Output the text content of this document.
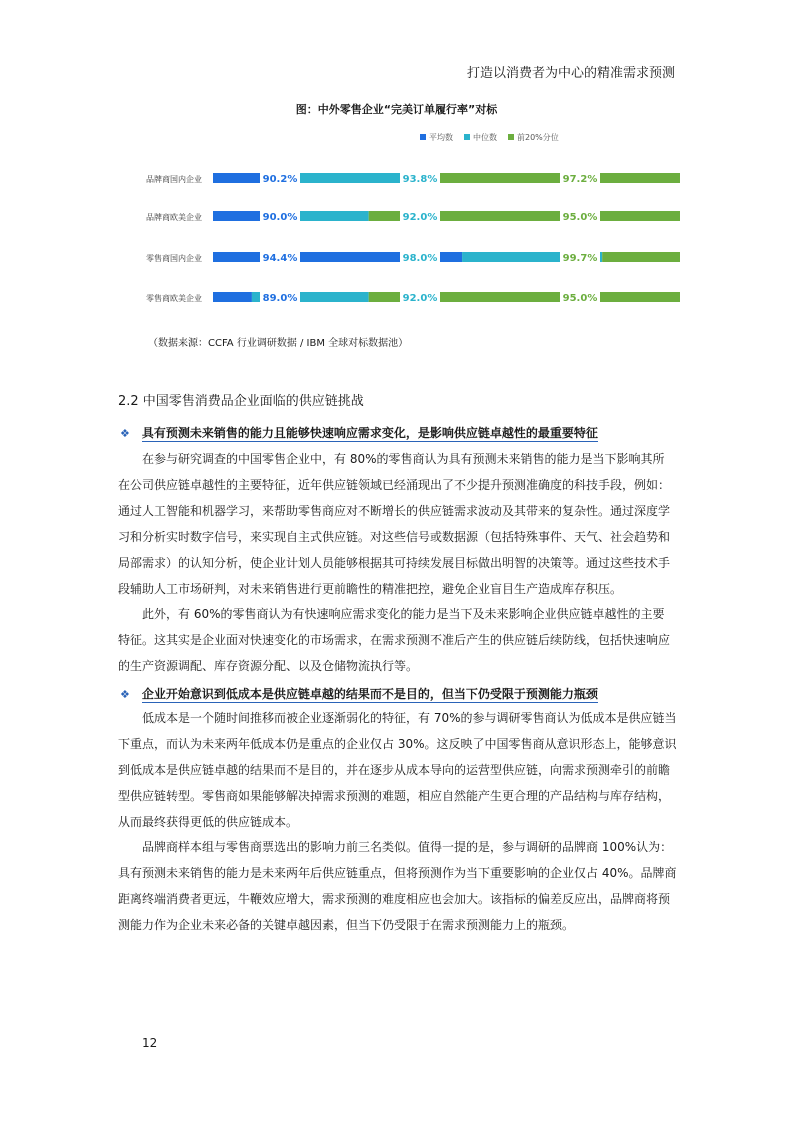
打造以消费者为中心的精准需求预测
图：中外零售企业“完美订单履行率”对标
平均数	中位数	前20%分位
品牌商国内企业	90.2%	93.8%	97.2%
品牌商欧美企业	90.0%	92.0%	95.0%
零售商国内企业	94.4%	98.0%	99.7%
零售商欧美企业	89.0%	92.0%	95.0%
（数据来源：CCFA 行业调研数据 / IBM 全球对标数据池）
2.2 中国零售消费品企业面临的供应链挑战
❖ 具有预测未来销售的能力且能够快速响应需求变化，是影响供应链卓越性的最重要特征
　　在参与研究调查的中国零售企业中，有 80%的零售商认为具有预测未来销售的能力是当下影响其所
在公司供应链卓越性的主要特征，近年供应链领域已经涌现出了不少提升预测准确度的科技手段，例如：
通过人工智能和机器学习，来帮助零售商应对不断增长的供应链需求波动及其带来的复杂性。通过深度学
习和分析实时数字信号，来实现自主式供应链。对这些信号或数据源（包括特殊事件、天气、社会趋势和
局部需求）的认知分析，使企业计划人员能够根据其可持续发展目标做出明智的决策等。通过这些技术手
段辅助人工市场研判，对未来销售进行更前瞻性的精准把控，避免企业盲目生产造成库存积压。
　　此外，有 60%的零售商认为有快速响应需求变化的能力是当下及未来影响企业供应链卓越性的主要
特征。这其实是企业面对快速变化的市场需求，在需求预测不准后产生的供应链后续防线，包括快速响应
的生产资源调配、库存资源分配、以及仓储物流执行等。
❖ 企业开始意识到低成本是供应链卓越的结果而不是目的，但当下仍受限于预测能力瓶颈
　　低成本是一个随时间推移而被企业逐渐弱化的特征，有 70%的参与调研零售商认为低成本是供应链当
下重点，而认为未来两年低成本仍是重点的企业仅占 30%。这反映了中国零售商从意识形态上，能够意识
到低成本是供应链卓越的结果而不是目的，并在逐步从成本导向的运营型供应链，向需求预测牵引的前瞻
型供应链转型。零售商如果能够解决掉需求预测的难题，相应自然能产生更合理的产品结构与库存结构，
从而最终获得更低的供应链成本。
　　品牌商样本组与零售商票选出的影响力前三名类似。值得一提的是，参与调研的品牌商 100%认为：
具有预测未来销售的能力是未来两年后供应链重点，但将预测作为当下重要影响的企业仅占 40%。品牌商
距离终端消费者更远，牛鞭效应增大，需求预测的难度相应也会加大。该指标的偏差反应出，品牌商将预
测能力作为企业未来必备的关键卓越因素，但当下仍受限于在需求预测能力上的瓶颈。
12
